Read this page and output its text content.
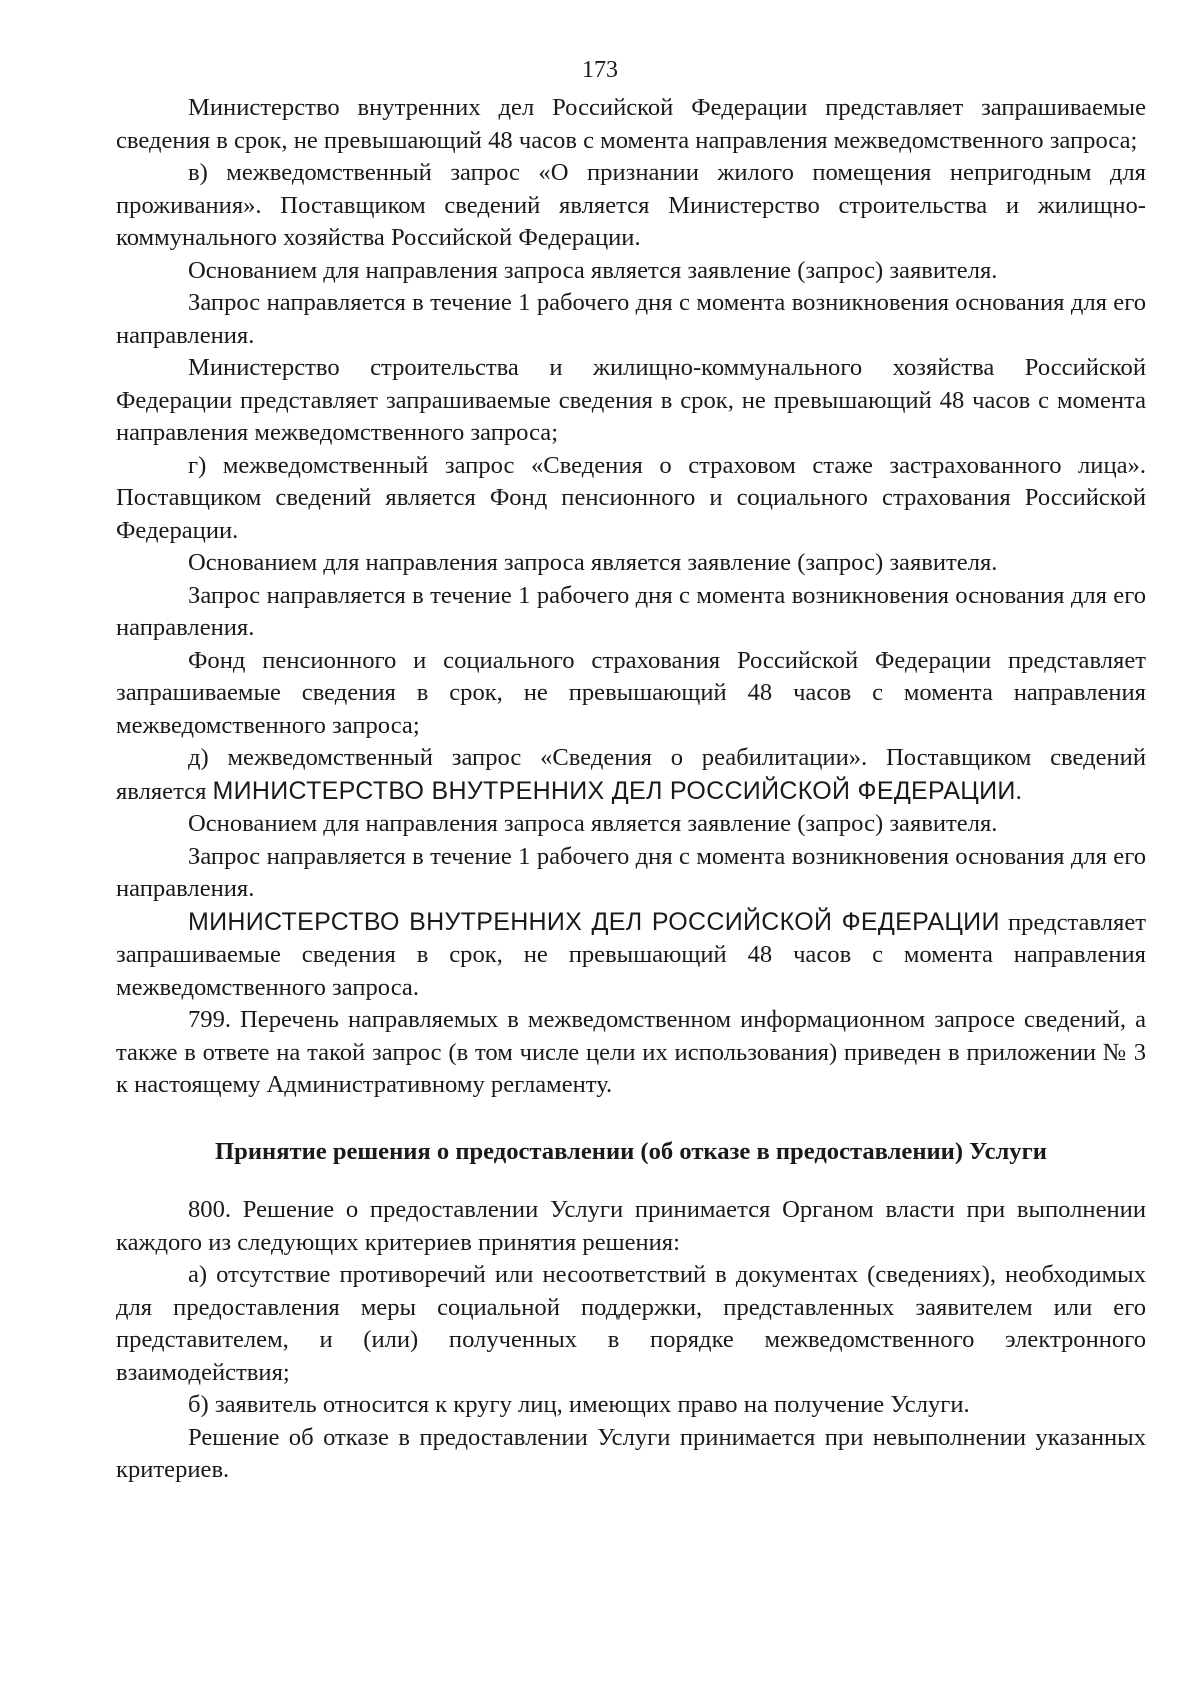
173

Министерство внутренних дел Российской Федерации представляет запрашиваемые сведения в срок, не превышающий 48 часов с момента направления межведомственного запроса;

в) межведомственный запрос «О признании жилого помещения непригодным для проживания». Поставщиком сведений является Министерство строительства и жилищно-коммунального хозяйства Российской Федерации.

Основанием для направления запроса является заявление (запрос) заявителя.

Запрос направляется в течение 1 рабочего дня с момента возникновения основания для его направления.

Министерство строительства и жилищно-коммунального хозяйства Российской Федерации представляет запрашиваемые сведения в срок, не превышающий 48 часов с момента направления межведомственного запроса;

г) межведомственный запрос «Сведения о страховом стаже застрахованного лица». Поставщиком сведений является Фонд пенсионного и социального страхования Российской Федерации.

Основанием для направления запроса является заявление (запрос) заявителя.

Запрос направляется в течение 1 рабочего дня с момента возникновения основания для его направления.

Фонд пенсионного и социального страхования Российской Федерации представляет запрашиваемые сведения в срок, не превышающий 48 часов с момента направления межведомственного запроса;

д) межведомственный запрос «Сведения о реабилитации». Поставщиком сведений является МИНИСТЕРСТВО ВНУТРЕННИХ ДЕЛ РОССИЙСКОЙ ФЕДЕРАЦИИ.

Основанием для направления запроса является заявление (запрос) заявителя.

Запрос направляется в течение 1 рабочего дня с момента возникновения основания для его направления.

МИНИСТЕРСТВО ВНУТРЕННИХ ДЕЛ РОССИЙСКОЙ ФЕДЕРАЦИИ представляет запрашиваемые сведения в срок, не превышающий 48 часов с момента направления межведомственного запроса.

799. Перечень направляемых в межведомственном информационном запросе сведений, а также в ответе на такой запрос (в том числе цели их использования) приведен в приложении № 3 к настоящему Административному регламенту.

Принятие решения о предоставлении (об отказе в предоставлении) Услуги

800. Решение о предоставлении Услуги принимается Органом власти при выполнении каждого из следующих критериев принятия решения:

а) отсутствие противоречий или несоответствий в документах (сведениях), необходимых для предоставления меры социальной поддержки, представленных заявителем или его представителем, и (или) полученных в порядке межведомственного электронного взаимодействия;

б) заявитель относится к кругу лиц, имеющих право на получение Услуги.

Решение об отказе в предоставлении Услуги принимается при невыполнении указанных критериев.
